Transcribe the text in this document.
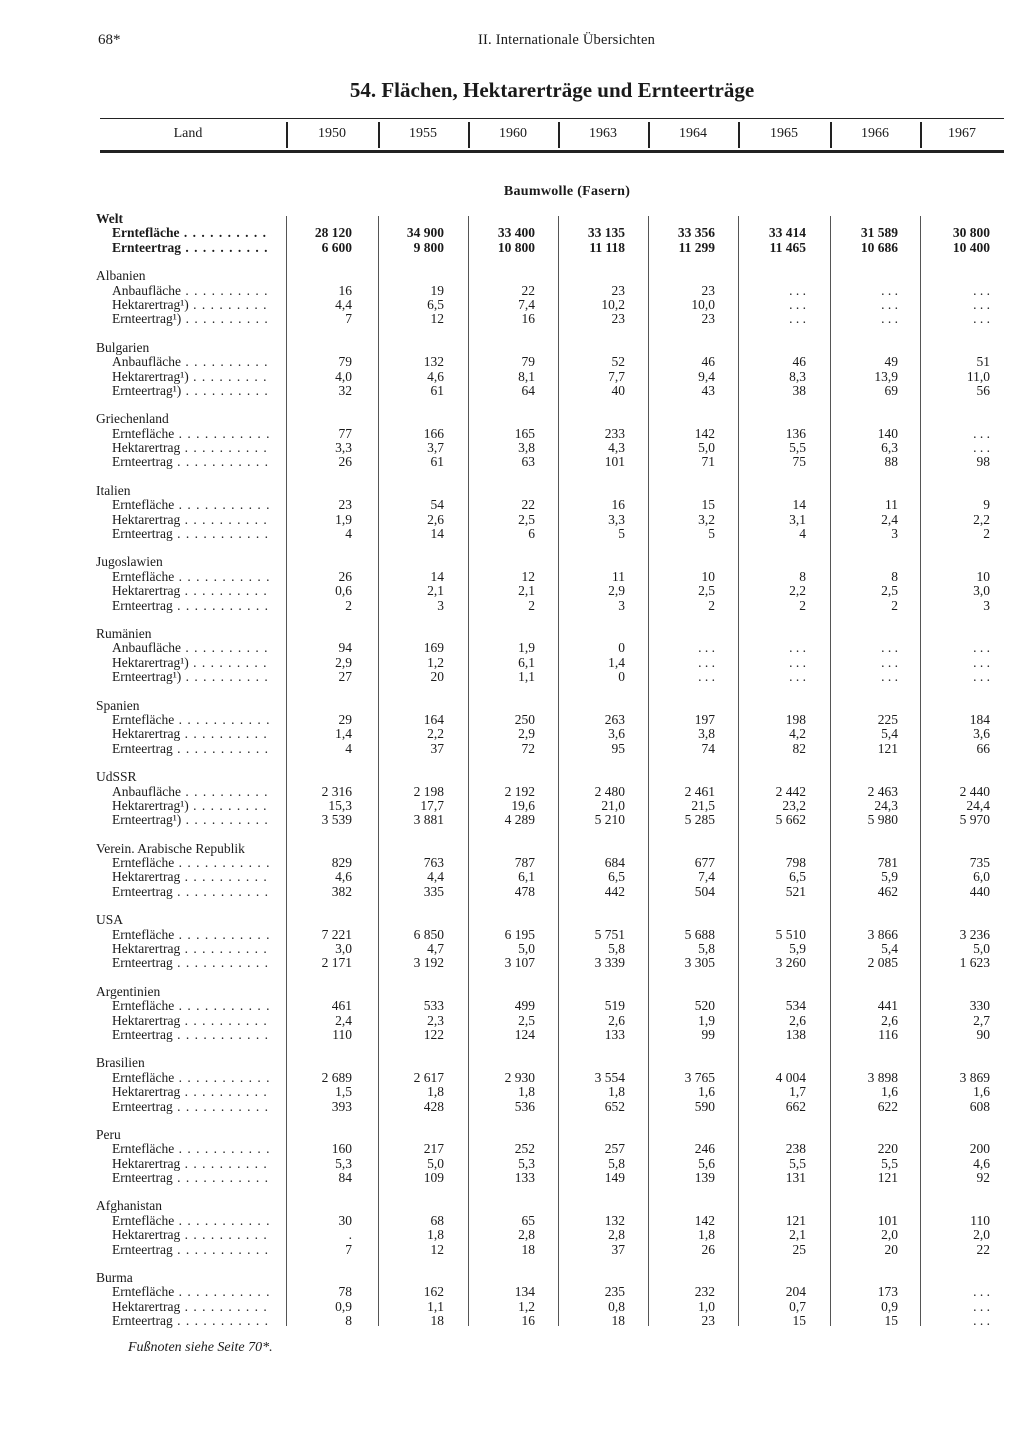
68*	II. Internationale Übersichten
54. Flächen, Hektarerträge und Ernteerträge
Land	1950	1955	1960	1963	1964	1965	1966	1967
Baumwolle (Fasern)
Welt
Erntefläche . . .	28 120	34 900	33 400	33 135	33 356	33 414	31 589	30 800
Ernteertrag . . .	6 600	9 800	10 800	11 118	11 299	11 465	10 686	10 400
Albanien
Anbaufläche . . .	16	19	22	23	23	. . .	. . .	. . .
Hektarertrag¹) . . .	4,4	6,5	7,4	10,2	10,0	. . .	. . .	. . .
Ernteertrag¹) . . .	7	12	16	23	23	. . .	. . .	. . .
Bulgarien
Anbaufläche . . .	79	132	79	52	46	46	49	51
Hektarertrag¹) . . .	4,0	4,6	8,1	7,7	9,4	8,3	13,9	11,0
Ernteertrag¹) . . .	32	61	64	40	43	38	69	56
Griechenland
Erntefläche . . .	77	166	165	233	142	136	140	. . .
Hektarertrag . . .	3,3	3,7	3,8	4,3	5,0	5,5	6,3	. . .
Ernteertrag . . .	26	61	63	101	71	75	88	98
Italien
Erntefläche . . .	23	54	22	16	15	14	11	9
Hektarertrag . . .	1,9	2,6	2,5	3,3	3,2	3,1	2,4	2,2
Ernteertrag . . .	4	14	6	5	5	4	3	2
Jugoslawien
Erntefläche . . .	26	14	12	11	10	8	8	10
Hektarertrag . . .	0,6	2,1	2,1	2,9	2,5	2,2	2,5	3,0
Ernteertrag . . .	2	3	2	3	2	2	2	3
Rumänien
Anbaufläche . . .	94	169	1,9	0	. . .	. . .	. . .	. . .
Hektarertrag¹) . . .	2,9	1,2	6,1	1,4	. . .	. . .	. . .	. . .
Ernteertrag¹) . . .	27	20	1,1	0	. . .	. . .	. . .	. . .
Spanien
Erntefläche . . .	29	164	250	263	197	198	225	184
Hektarertrag . . .	1,4	2,2	2,9	3,6	3,8	4,2	5,4	3,6
Ernteertrag . . .	4	37	72	95	74	82	121	66
UdSSR
Anbaufläche . . .	2 316	2 198	2 192	2 480	2 461	2 442	2 463	2 440
Hektarertrag¹) . . .	15,3	17,7	19,6	21,0	21,5	23,2	24,3	24,4
Ernteertrag¹) . . .	3 539	3 881	4 289	5 210	5 285	5 662	5 980	5 970
Verein. Arabische Republik
Erntefläche . . .	829	763	787	684	677	798	781	735
Hektarertrag . . .	4,6	4,4	6,1	6,5	7,4	6,5	5,9	6,0
Ernteertrag . . .	382	335	478	442	504	521	462	440
USA
Erntefläche . . .	7 221	6 850	6 195	5 751	5 688	5 510	3 866	3 236
Hektarertrag . . .	3,0	4,7	5,0	5,8	5,8	5,9	5,4	5,0
Ernteertrag . . .	2 171	3 192	3 107	3 339	3 305	3 260	2 085	1 623
Argentinien
Erntefläche . . .	461	533	499	519	520	534	441	330
Hektarertrag . . .	2,4	2,3	2,5	2,6	1,9	2,6	2,6	2,7
Ernteertrag . . .	110	122	124	133	99	138	116	90
Brasilien
Erntefläche . . .	2 689	2 617	2 930	3 554	3 765	4 004	3 898	3 869
Hektarertrag . . .	1,5	1,8	1,8	1,8	1,6	1,7	1,6	1,6
Ernteertrag . . .	393	428	536	652	590	662	622	608
Peru
Erntefläche . . .	160	217	252	257	246	238	220	200
Hektarertrag . . .	5,3	5,0	5,3	5,8	5,6	5,5	5,5	4,6
Ernteertrag . . .	84	109	133	149	139	131	121	92
Afghanistan
Erntefläche . . .	30	68	65	132	142	121	101	110
Hektarertrag . . .	.	1,8	2,8	2,8	1,8	2,1	2,0	2,0
Ernteertrag . . .	7	12	18	37	26	25	20	22
Burma
Erntefläche . . .	78	162	134	235	232	204	173	. . .
Hektarertrag . . .	0,9	1,1	1,2	0,8	1,0	0,7	0,9	. . .
Ernteertrag . . .	8	18	16	18	23	15	15	. . .
Fußnoten siehe Seite 70*.
